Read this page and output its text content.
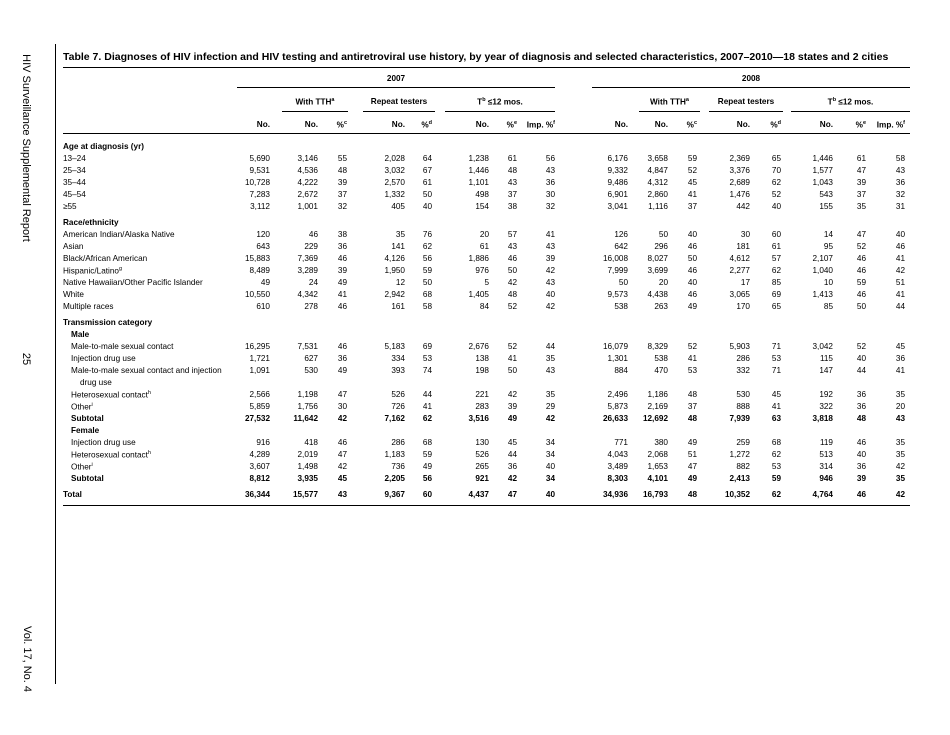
HIV Surveillance Supplemental Report
25
Vol. 17, No. 4
Table 7. Diagnoses of HIV infection and HIV testing and antiretroviral use history, by year of diagnosis and selected characteristics, 2007–2010—18 states and 2 cities
2007	2008
With TTH$^a$	Repeat testers	$T^b \le 12$ mos.	With TTH$^a$	Repeat testers	$T^b \le 12$ mos.
No.	No.	%$^c$	No.	%$^d$	No.	%$^e$	Imp. %$^f$	No.	No.	%$^c$	No.	%$^d$	No.	%$^e$	Imp. %$^f$
Age at diagnosis (yr)
13–24	5,690	3,146	55	2,028	64	1,238	61	56	6,176	3,658	59	2,369	65	1,446	61	58
25–34	9,531	4,536	48	3,032	67	1,446	48	43	9,332	4,847	52	3,376	70	1,577	47	43
35–44	10,728	4,222	39	2,570	61	1,101	43	36	9,486	4,312	45	2,689	62	1,043	39	36
45–54	7,283	2,672	37	1,332	50	498	37	30	6,901	2,860	41	1,476	52	543	37	32
≥55	3,112	1,001	32	405	40	154	38	32	3,041	1,116	37	442	40	155	35	31
Race/ethnicity
American Indian/Alaska Native	120	46	38	35	76	20	57	41	126	50	40	30	60	14	47	40
Asian	643	229	36	141	62	61	43	43	642	296	46	181	61	95	52	46
Black/African American	15,883	7,369	46	4,126	56	1,886	46	39	16,008	8,027	50	4,612	57	2,107	46	41
Hispanic/Latino$^g$	8,489	3,289	39	1,950	59	976	50	42	7,999	3,699	46	2,277	62	1,040	46	42
Native Hawaiian/Other Pacific Islander	49	24	49	12	50	5	42	43	50	20	40	17	85	10	59	51
White	10,550	4,342	41	2,942	68	1,405	48	40	9,573	4,438	46	3,065	69	1,413	46	41
Multiple races	610	278	46	161	58	84	52	42	538	263	49	170	65	85	50	44
Transmission category
Male
Male-to-male sexual contact	16,295	7,531	46	5,183	69	2,676	52	44	16,079	8,329	52	5,903	71	3,042	52	45
Injection drug use	1,721	627	36	334	53	138	41	35	1,301	538	41	286	53	115	40	36
Male-to-male sexual contact and injection	1,091	530	49	393	74	198	50	43	884	470	53	332	71	147	44	41
drug use
Heterosexual contact$^h$	2,566	1,198	47	526	44	221	42	35	2,496	1,186	48	530	45	192	36	35
Other$^i$	5,859	1,756	30	726	41	283	39	29	5,873	2,169	37	888	41	322	36	20
Subtotal	27,532	11,642	42	7,162	62	3,516	49	42	26,633	12,692	48	7,939	63	3,818	48	43
Female
Injection drug use	916	418	46	286	68	130	45	34	771	380	49	259	68	119	46	35
Heterosexual contact$^h$	4,289	2,019	47	1,183	59	526	44	34	4,043	2,068	51	1,272	62	513	40	35
Other$^i$	3,607	1,498	42	736	49	265	36	40	3,489	1,653	47	882	53	314	36	42
Subtotal	8,812	3,935	45	2,205	56	921	42	34	8,303	4,101	49	2,413	59	946	39	35
Total	36,344	15,577	43	9,367	60	4,437	47	40	34,936	16,793	48	10,352	62	4,764	46	42
